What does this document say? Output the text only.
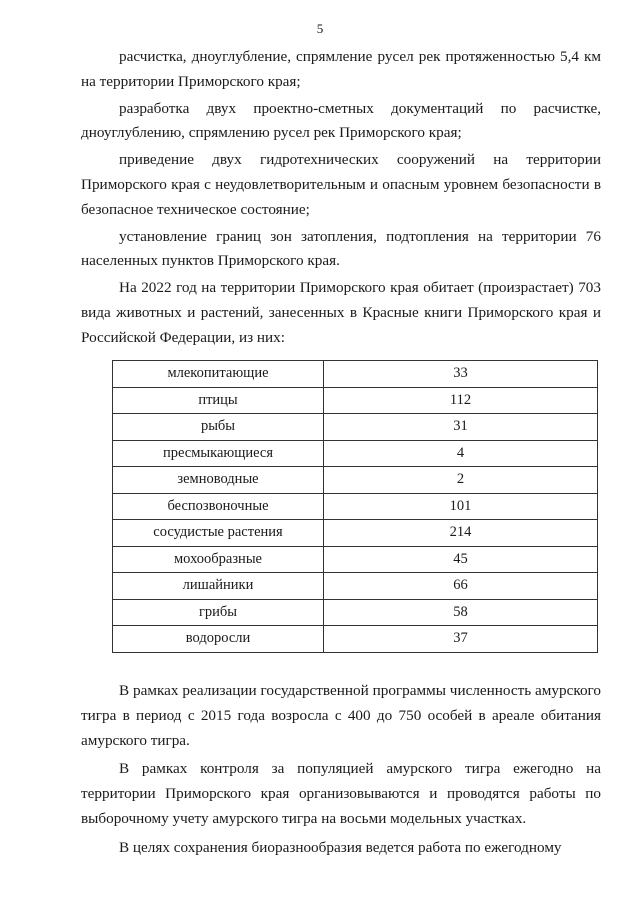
5

расчистка, дноуглубление, спрямление русел рек протяженностью 5,4 км на территории Приморского края;

разработка двух проектно-сметных документаций по расчистке, дноуглублению, спрямлению русел рек Приморского края;

приведение двух гидротехнических сооружений на территории Приморского края с неудовлетворительным и опасным уровнем безопасности в безопасное техническое состояние;

установление границ зон затопления, подтопления на территории 76 населенных пунктов Приморского края.

На 2022 год на территории Приморского края обитает (произрастает) 703 вида животных и растений, занесенных в Красные книги Приморского края и Российской Федерации, из них:

млекопитающие	33
птицы	112
рыбы	31
пресмыкающиеся	4
земноводные	2
беспозвоночные	101
сосудистые растения	214
мохообразные	45
лишайники	66
грибы	58
водоросли	37

В рамках реализации государственной программы численность амурского тигра в период с 2015 года возросла с 400 до 750 особей в ареале обитания амурского тигра.

В рамках контроля за популяцией амурского тигра ежегодно на территории Приморского края организовываются и проводятся работы по выборочному учету амурского тигра на восьми модельных участках.

В целях сохранения биоразнообразия ведется работа по ежегодному
